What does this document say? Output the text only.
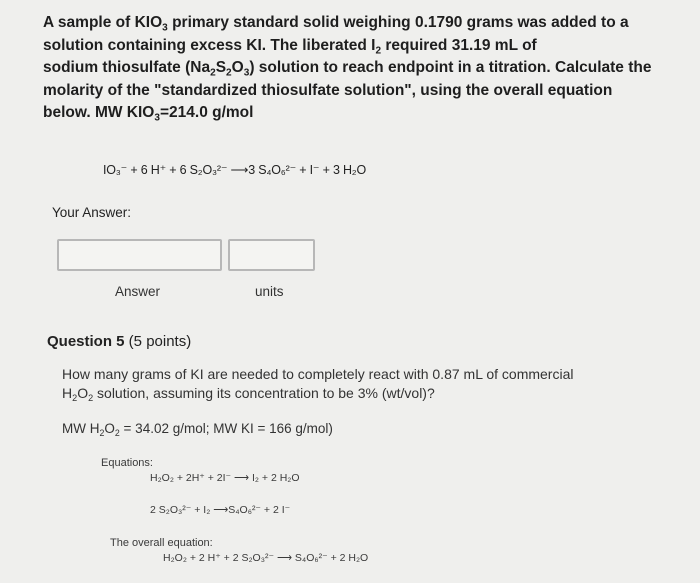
A sample of $KIO_3$ primary standard solid weighing 0.1790 grams was added to a
solution containing excess KI. The liberated $I_2$ required 31.19 mL of
sodium thiosulfate $(Na_2S_2O_3)$ solution to reach endpoint in a titration. Calculate the
molarity of the "standardized thiosulfate solution", using the overall equation
below. MW $KIO_3=214.0$ g/mol
IO₃⁻ + 6 H⁺ + 6 S₂O₃²⁻ ⟶3 S₄O₆²⁻ + I⁻ + 3 H₂O
Your Answer:
Answer	units
Question 5 (5 points)
How many grams of KI are needed to completely react with 0.87 mL of commercial
$H_2O_2$ solution, assuming its concentration to be 3% (wt/vol)?
MW $H_2O_2 = 34.02$ g/mol; MW KI = 166 g/mol)
Equations:
H₂O₂ + 2H⁺ + 2I⁻ ⟶ I₂ + 2 H₂O
2 S₂O₃²⁻ + I₂ ⟶S₄O₆²⁻ + 2 I⁻
The overall equation:
H₂O₂ + 2 H⁺ + 2 S₂O₃²⁻ ⟶ S₄O₆²⁻ + 2 H₂O
